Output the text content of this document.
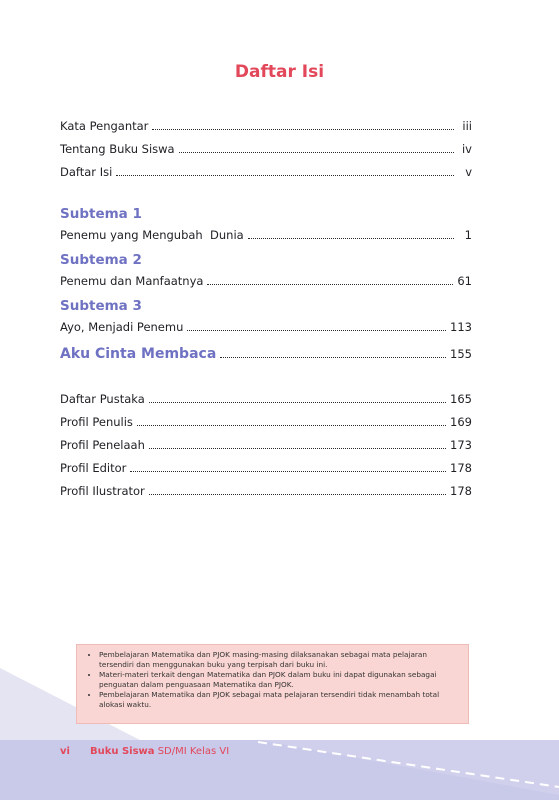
Daftar Isi
Kata Pengantar	iii
Tentang Buku Siswa	iv
Daftar Isi	v
Subtema 1
Penemu yang Mengubah  Dunia	1
Subtema 2
Penemu dan Manfaatnya	61
Subtema 3
Ayo, Menjadi Penemu	113
Aku Cinta Membaca	155
Daftar Pustaka	165
Profil Penulis	169
Profil Penelaah	173
Profil Editor	178
Profil Ilustrator	178
• Pembelajaran Matematika dan PJOK masing-masing dilaksanakan sebagai mata pelajaran tersendiri dan menggunakan buku yang terpisah dari buku ini.
• Materi-materi terkait dengan Matematika dan PJOK dalam buku ini dapat digunakan sebagai penguatan dalam penguasaan Matematika dan PJOK.
• Pembelajaran Matematika dan PJOK sebagai mata pelajaran tersendiri tidak menambah total alokasi waktu.
vi Buku Siswa SD/MI Kelas VI
